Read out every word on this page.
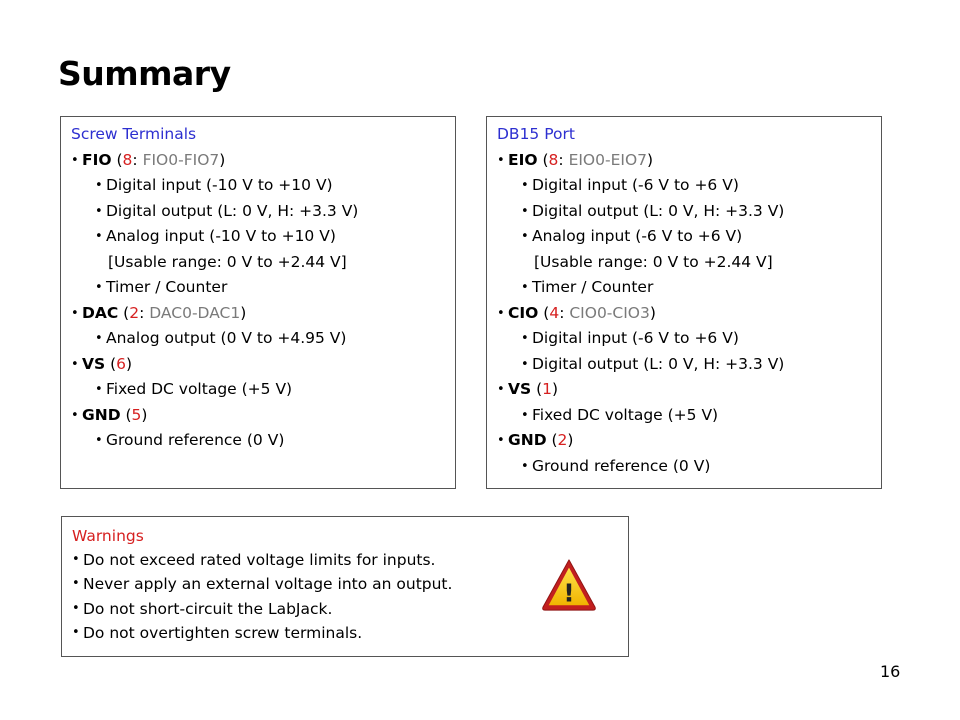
Summary
Screw Terminals
• FIO (8: FIO0-FIO7)
• Digital input (-10 V to +10 V)
• Digital output (L: 0 V, H: +3.3 V)
• Analog input (-10 V to +10 V)
[Usable range: 0 V to +2.44 V]
• Timer / Counter
• DAC (2: DAC0-DAC1)
• Analog output (0 V to +4.95 V)
• VS (6)
• Fixed DC voltage (+5 V)
• GND (5)
• Ground reference (0 V)
DB15 Port
• EIO (8: EIO0-EIO7)
• Digital input (-6 V to +6 V)
• Digital output (L: 0 V, H: +3.3 V)
• Analog input (-6 V to +6 V)
[Usable range: 0 V to +2.44 V]
• Timer / Counter
• CIO (4: CIO0-CIO3)
• Digital input (-6 V to +6 V)
• Digital output (L: 0 V, H: +3.3 V)
• VS (1)
• Fixed DC voltage (+5 V)
• GND (2)
• Ground reference (0 V)
Warnings
• Do not exceed rated voltage limits for inputs.
• Never apply an external voltage into an output.
• Do not short-circuit the LabJack.
• Do not overtighten screw terminals.
!
16
